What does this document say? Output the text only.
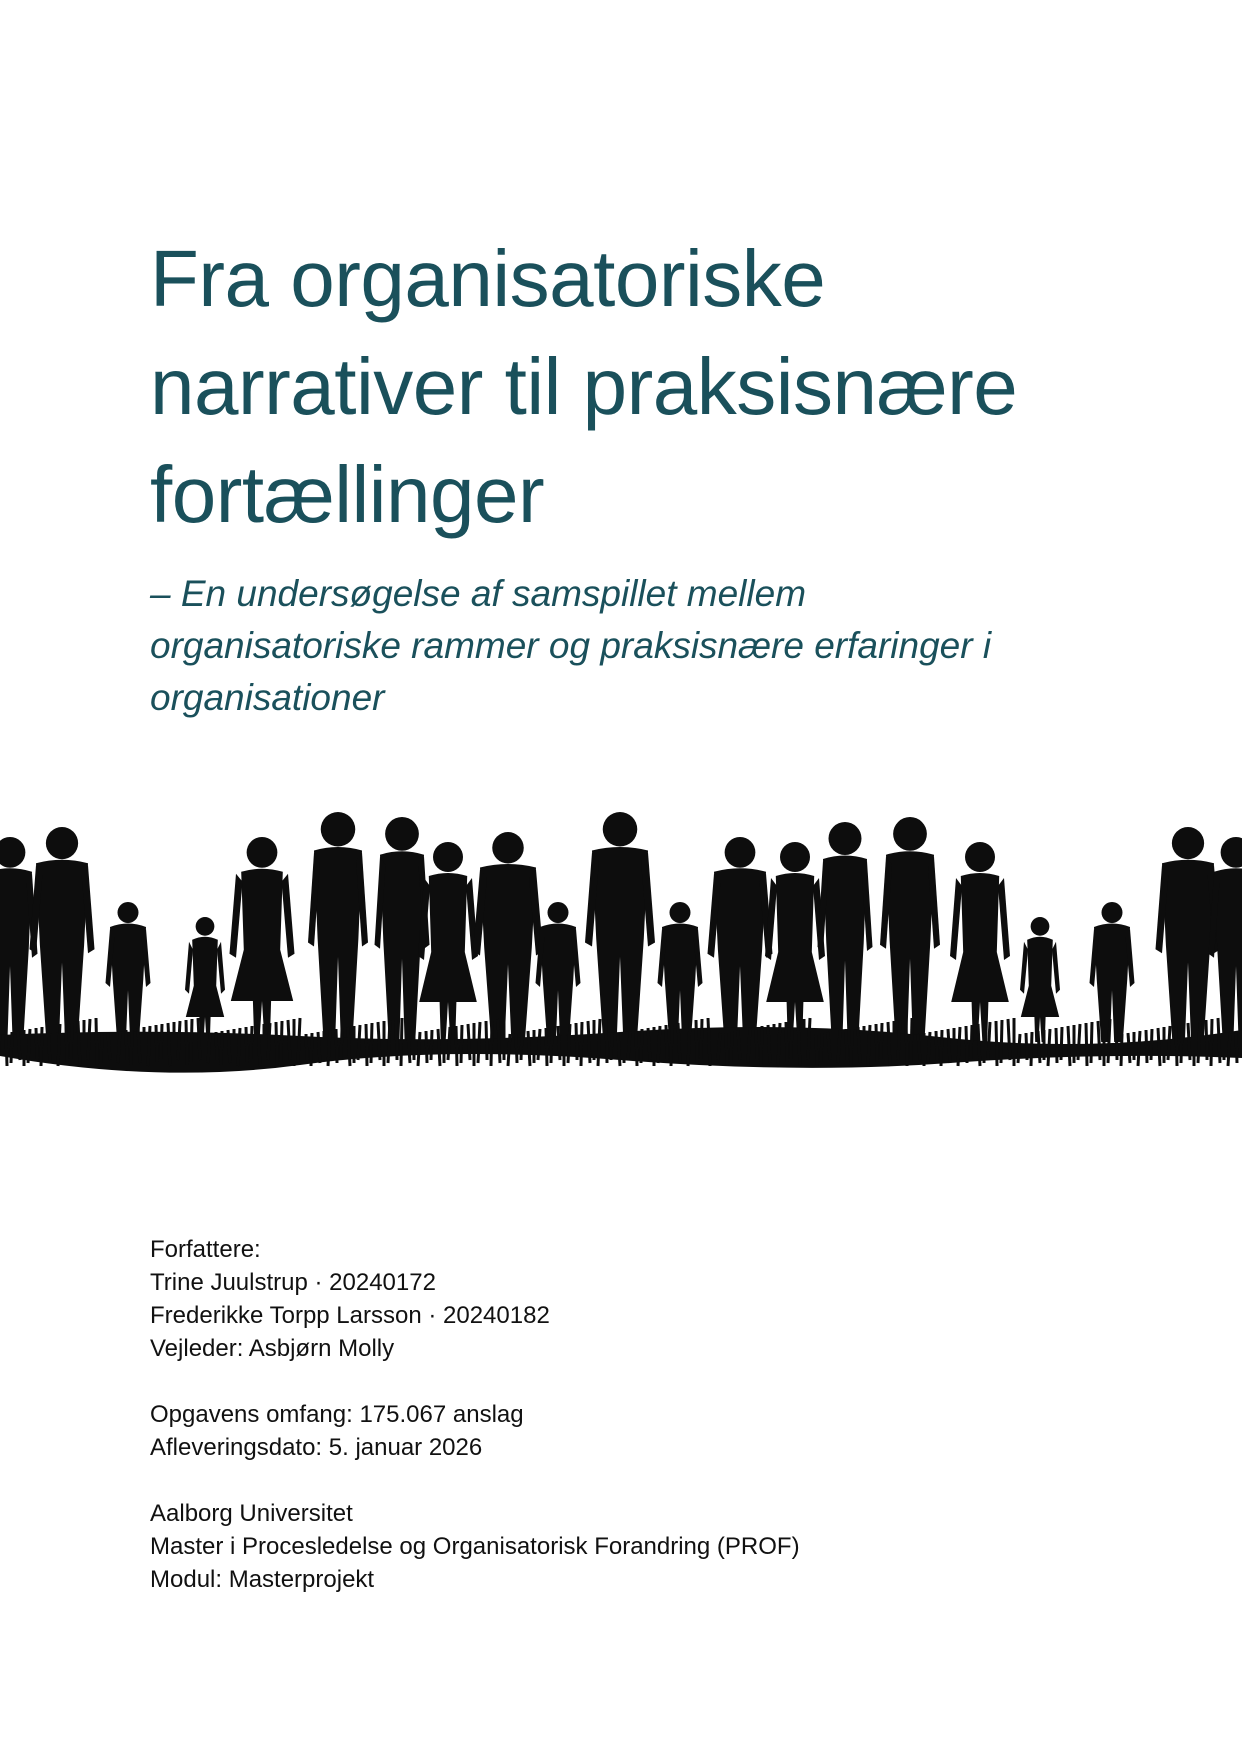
Fra organisatoriske
narrativer til praksisnære
fortællinger
– En undersøgelse af samspillet mellem
organisatoriske rammer og praksisnære erfaringer i
organisationer
Forfattere:
Trine Juulstrup · 20240172
Frederikke Torpp Larsson · 20240182
Vejleder: Asbjørn Molly
Opgavens omfang: 175.067 anslag
Afleveringsdato: 5. januar 2026
Aalborg Universitet
Master i Procesledelse og Organisatorisk Forandring (PROF)
Modul: Masterprojekt
